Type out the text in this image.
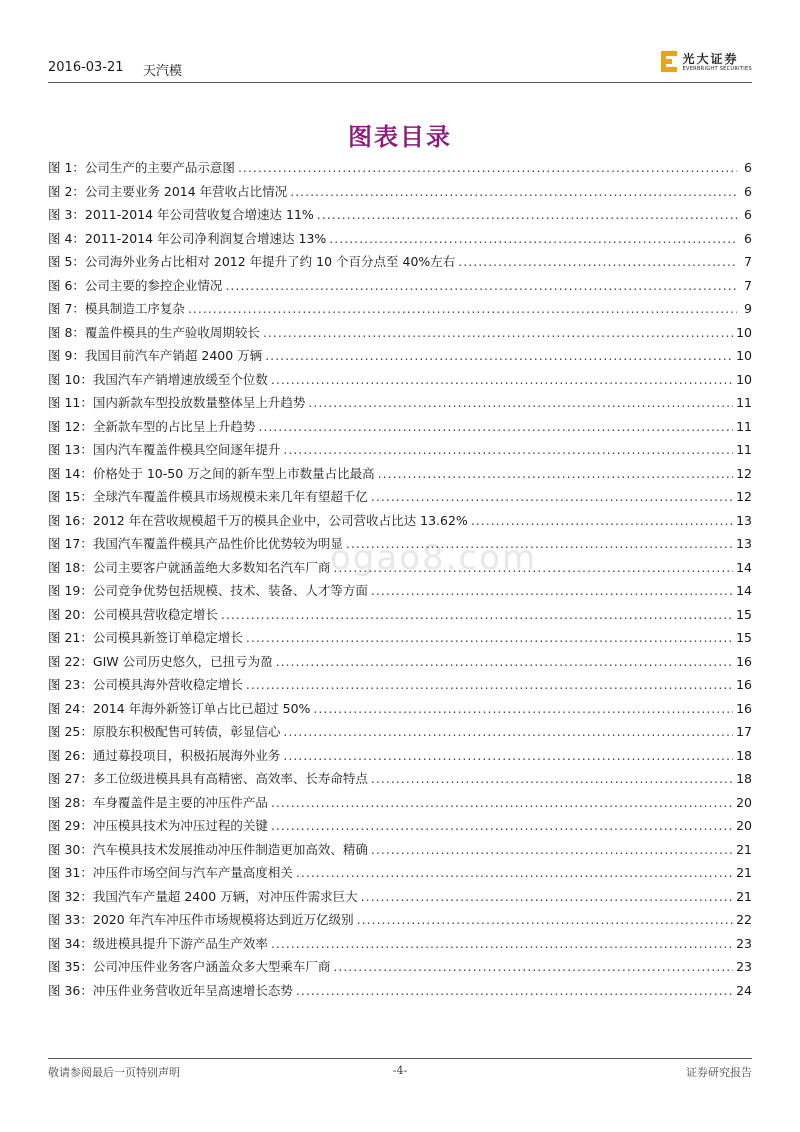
2016-03-21 天汽模
光大证券
EVERBRIGHT SECURITIES
图表目录
ogao8.com
图 1：公司生产的主要产品示意图 .....	6
图 2：公司主要业务 2014 年营收占比情况 .....	6
图 3：2011-2014 年公司营收复合增速达 11% .....	6
图 4：2011-2014 年公司净利润复合增速达 13% .....	6
图 5：公司海外业务占比相对 2012 年提升了约 10 个百分点至 40%左右 .....	7
图 6：公司主要的参控企业情况 .....	7
图 7：模具制造工序复杂 .....	9
图 8：覆盖件模具的生产验收周期较长 .....	10
图 9：我国目前汽车产销超 2400 万辆 .....	10
图 10：我国汽车产销增速放缓至个位数 .....	10
图 11：国内新款车型投放数量整体呈上升趋势 .....	11
图 12：全新款车型的占比呈上升趋势 .....	11
图 13：国内汽车覆盖件模具空间逐年提升 .....	11
图 14：价格处于 10-50 万之间的新车型上市数量占比最高 .....	12
图 15：全球汽车覆盖件模具市场规模未来几年有望超千亿 .....	12
图 16：2012 年在营收规模超千万的模具企业中，公司营收占比达 13.62% .....	13
图 17：我国汽车覆盖件模具产品性价比优势较为明显 .....	13
图 18：公司主要客户就涵盖绝大多数知名汽车厂商 .....	14
图 19：公司竞争优势包括规模、技术、装备、人才等方面 .....	14
图 20：公司模具营收稳定增长 .....	15
图 21：公司模具新签订单稳定增长 .....	15
图 22：GIW 公司历史悠久，已扭亏为盈 .....	16
图 23：公司模具海外营收稳定增长 .....	16
图 24：2014 年海外新签订单占比已超过 50% .....	16
图 25：原股东积极配售可转债，彰显信心 .....	17
图 26：通过募投项目，积极拓展海外业务 .....	18
图 27：多工位级进模具具有高精密、高效率、长寿命特点 .....	18
图 28：车身覆盖件是主要的冲压件产品 .....	20
图 29：冲压模具技术为冲压过程的关键 .....	20
图 30：汽车模具技术发展推动冲压件制造更加高效、精确 .....	21
图 31：冲压件市场空间与汽车产量高度相关 .....	21
图 32：我国汽车产量超 2400 万辆，对冲压件需求巨大 .....	21
图 33：2020 年汽车冲压件市场规模将达到近万亿级别 .....	22
图 34：级进模具提升下游产品生产效率 .....	23
图 35：公司冲压件业务客户涵盖众多大型乘车厂商 .....	23
图 36：冲压件业务营收近年呈高速增长态势 .....	24
敬请参阅最后一页特别声明	-4-	证券研究报告
